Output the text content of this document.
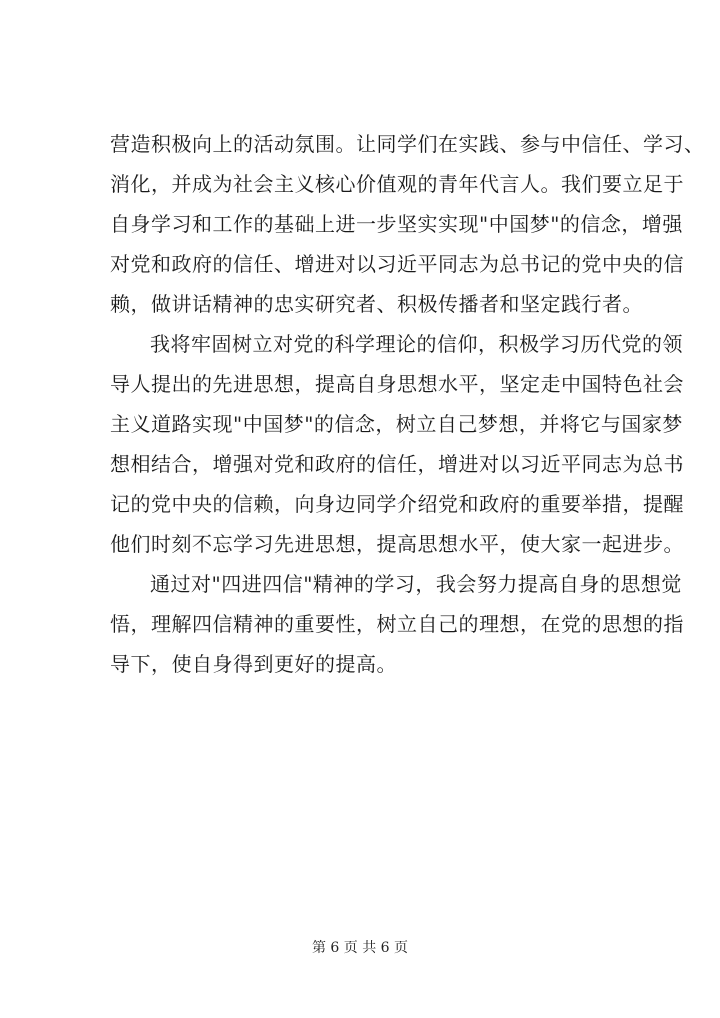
营造积极向上的活动氛围。让同学们在实践、参与中信任、学习、
消化，并成为社会主义核心价值观的青年代言人。我们要立足于
自身学习和工作的基础上进一步坚实实现"中国梦"的信念，增强
对党和政府的信任、增进对以习近平同志为总书记的党中央的信
赖，做讲话精神的忠实研究者、积极传播者和坚定践行者。
我将牢固树立对党的科学理论的信仰，积极学习历代党的领
导人提出的先进思想，提高自身思想水平，坚定走中国特色社会
主义道路实现"中国梦"的信念，树立自己梦想，并将它与国家梦
想相结合，增强对党和政府的信任，增进对以习近平同志为总书
记的党中央的信赖，向身边同学介绍党和政府的重要举措，提醒
他们时刻不忘学习先进思想，提高思想水平，使大家一起进步。
通过对"四进四信"精神的学习，我会努力提高自身的思想觉
悟，理解四信精神的重要性，树立自己的理想，在党的思想的指
导下，使自身得到更好的提高。
第 6 页 共 6 页
